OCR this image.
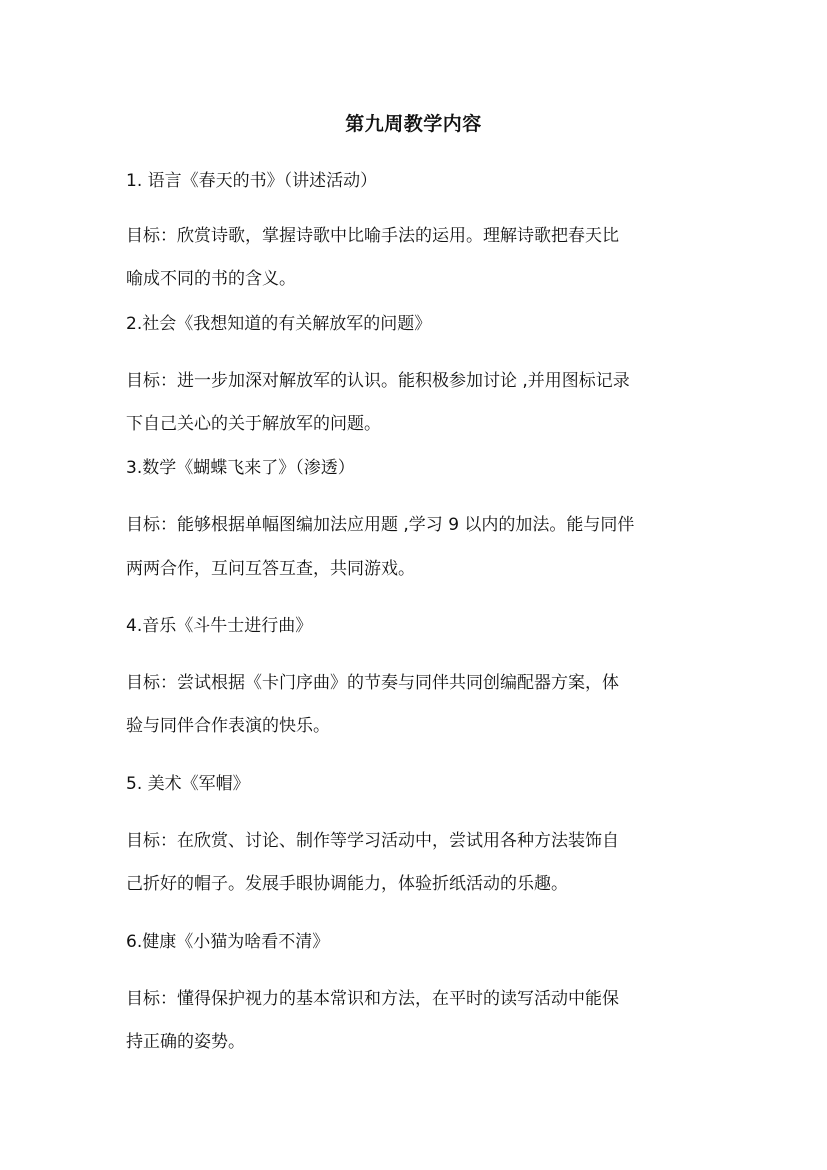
第九周教学内容
1. 语言《春天的书》（讲述活动）
目标：欣赏诗歌，掌握诗歌中比喻手法的运用。理解诗歌把春天比
喻成不同的书的含义。
2.社会《我想知道的有关解放军的问题》
目标：进一步加深对解放军的认识。能积极参加讨论 ,并用图标记录
下自己关心的关于解放军的问题。
3.数学《蝴蝶飞来了》（渗透）
目标：能够根据单幅图编加法应用题 ,学习 9 以内的加法。能与同伴
两两合作，互问互答互查，共同游戏。
4.音乐《斗牛士进行曲》
目标：尝试根据《卡门序曲》的节奏与同伴共同创编配器方案，体
验与同伴合作表演的快乐。
5. 美术《军帽》
目标：在欣赏、讨论、制作等学习活动中，尝试用各种方法装饰自
己折好的帽子。发展手眼协调能力，体验折纸活动的乐趣。
6.健康《小猫为啥看不清》
目标：懂得保护视力的基本常识和方法，在平时的读写活动中能保
持正确的姿势。
